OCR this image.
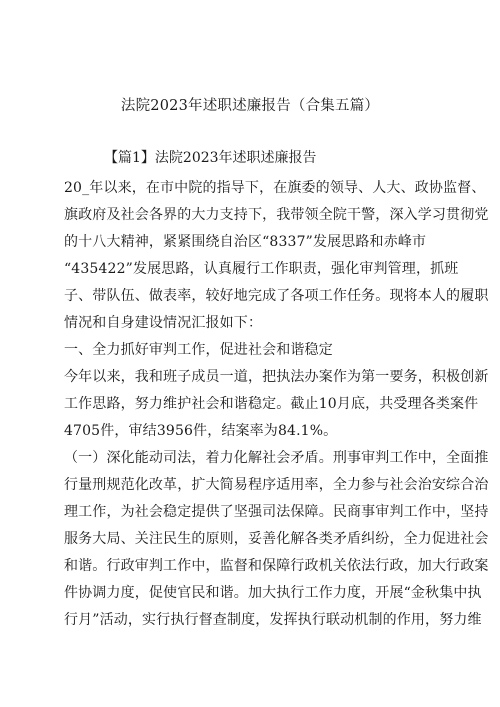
法院2023年述职述廉报告（合集五篇）
【篇1】法院2023年述职述廉报告
20_年以来，在市中院的指导下，在旗委的领导、人大、政协监督、
旗政府及社会各界的大力支持下，我带领全院干警，深入学习贯彻党
的十八大精神，紧紧围绕自治区“8337”发展思路和赤峰市
“435422”发展思路，认真履行工作职责，强化审判管理，抓班
子、带队伍、做表率，较好地完成了各项工作任务。现将本人的履职
情况和自身建设情况汇报如下：
一、全力抓好审判工作，促进社会和谐稳定
今年以来，我和班子成员一道，把执法办案作为第一要务，积极创新
工作思路，努力维护社会和谐稳定。截止10月底，共受理各类案件
4705件，审结3956件，结案率为84.1%。
（一）深化能动司法，着力化解社会矛盾。刑事审判工作中，全面推
行量刑规范化改革，扩大简易程序适用率，全力参与社会治安综合治
理工作，为社会稳定提供了坚强司法保障。民商事审判工作中，坚持
服务大局、关注民生的原则，妥善化解各类矛盾纠纷，全力促进社会
和谐。行政审判工作中，监督和保障行政机关依法行政，加大行政案
件协调力度，促使官民和谐。加大执行工作力度，开展“金秋集中执
行月”活动，实行执行督查制度，发挥执行联动机制的作用，努力维
